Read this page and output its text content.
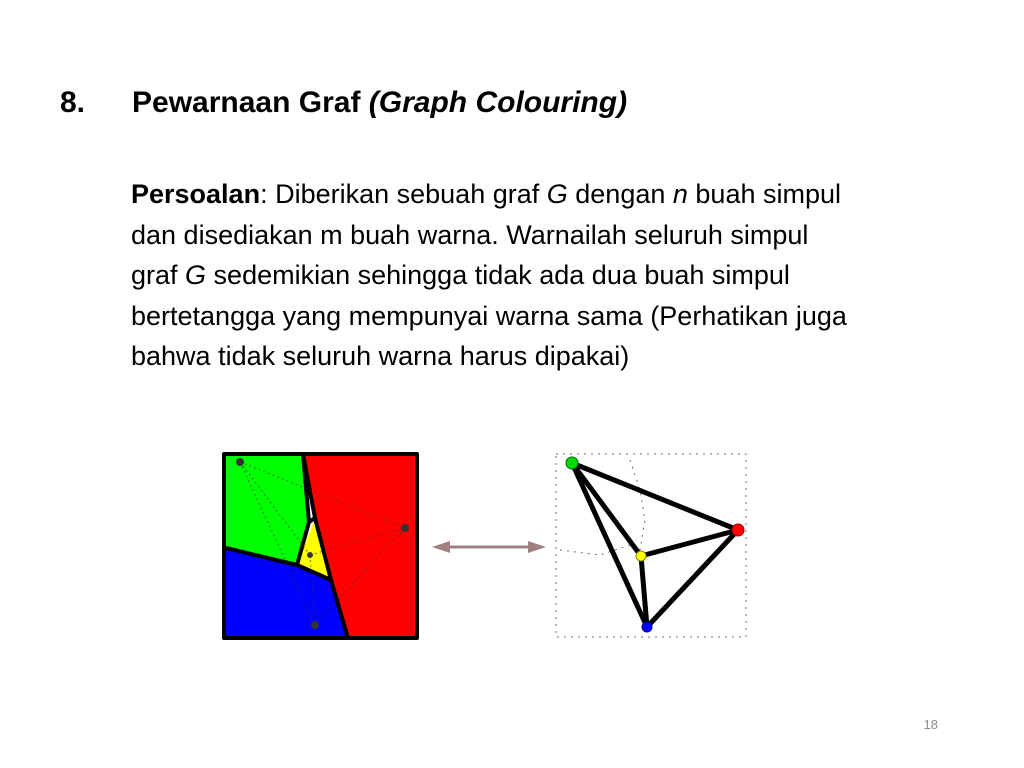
8. Pewarnaan Graf (Graph Colouring)
Persoalan: Diberikan sebuah graf G dengan n buah simpul
dan disediakan m buah warna. Warnailah seluruh simpul
graf G sedemikian sehingga tidak ada dua buah simpul
bertetangga yang mempunyai warna sama (Perhatikan juga
bahwa tidak seluruh warna harus dipakai)
18
